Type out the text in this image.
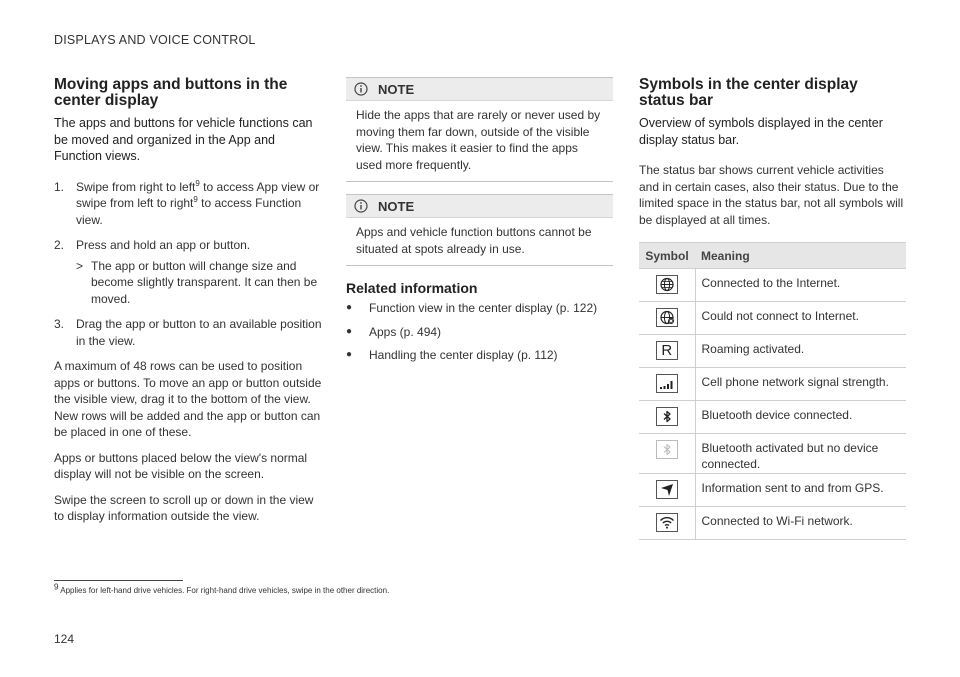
DISPLAYS AND VOICE CONTROL
Moving apps and buttons in the center display
The apps and buttons for vehicle functions can be moved and organized in the App and Function views.
1. Swipe from right to left$^9$ to access App view or swipe from left to right$^9$ to access Function view.
2. Press and hold an app or button.
> The app or button will change size and become slightly transparent. It can then be moved.
3. Drag the app or button to an available position in the view.

A maximum of 48 rows can be used to position apps or buttons. To move an app or button outside the visible view, drag it to the bottom of the view. New rows will be added and the app or button can be placed in one of these.

Apps or buttons placed below the view's normal display will not be visible on the screen.

Swipe the screen to scroll up or down in the view to display information outside the view.

NOTE
Hide the apps that are rarely or never used by moving them far down, outside of the visible view. This makes it easier to find the apps used more frequently.
NOTE
Apps and vehicle function buttons cannot be situated at spots already in use.
Related information
●	Function view in the center display (p. 122)
●	Apps (p. 494)
●	Handling the center display (p. 112)
Symbols in the center display status bar
Overview of symbols displayed in the center display status bar.

The status bar shows current vehicle activities and in certain cases, also their status. Due to the limited space in the status bar, not all symbols will be displayed at all times.

Symbol	Meaning

	Connected to the Internet.

	Could not connect to Internet.
R	Roaming activated.

	Cell phone network signal strength.

	Bluetooth device connected.

	Bluetooth activated but no device connected.

	Information sent to and from GPS.

	Connected to Wi-Fi network.
$^9$ Applies for left-hand drive vehicles. For right-hand drive vehicles, swipe in the other direction.
124
